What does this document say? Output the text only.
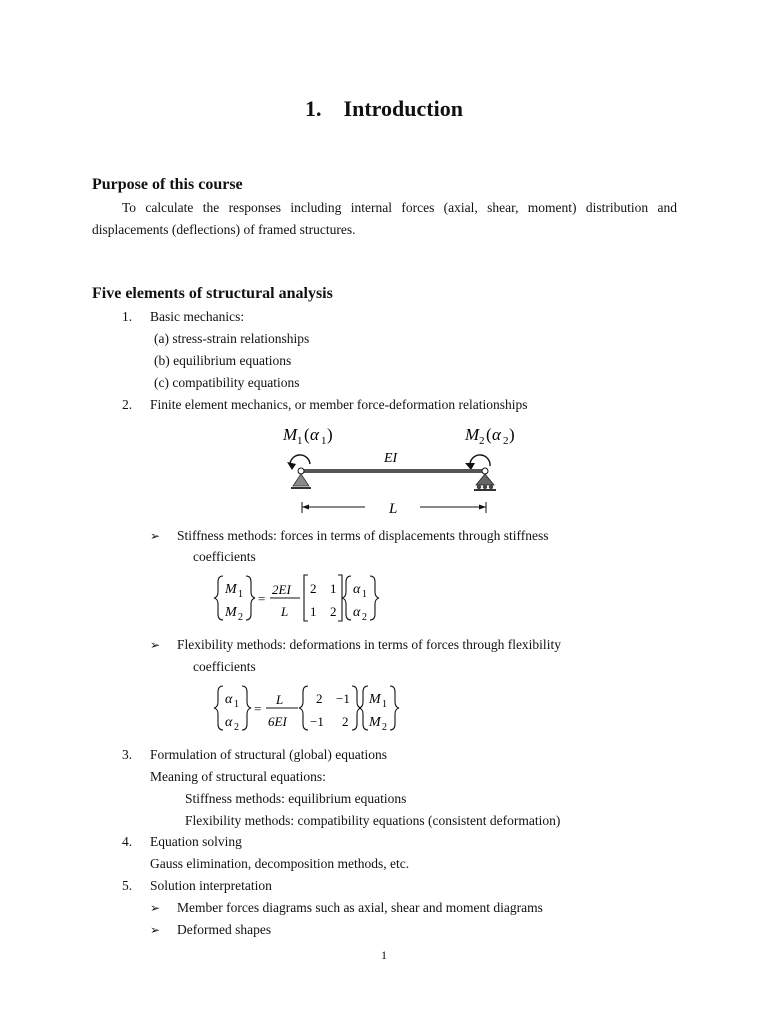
1. Introduction
Purpose of this course
To calculate the responses including internal forces (axial, shear, moment) distribution and displacements (deflections) of framed structures.
Five elements of structural analysis
1. Basic mechanics:
(a) stress-strain relationships
(b) equilibrium equations
(c) compatibility equations
2. Finite element mechanics, or member force-deformation relationships
M 1 ( α 1 )	M 2 ( α 2 )
EI
L
➢ Stiffness methods: forces in terms of displacements through stiffness
coefficients
M 1
M 2
=
2EI
L
2 1
1 2
α 1
α 2
➢ Flexibility methods: deformations in terms of forces through flexibility
coefficients
α 1
α 2
=
L
6EI
2 −1
−1 2
M 1
M 2
3. Formulation of structural (global) equations
Meaning of structural equations:
Stiffness methods: equilibrium equations
Flexibility methods: compatibility equations (consistent deformation)
4. Equation solving
Gauss elimination, decomposition methods, etc.
5. Solution interpretation
➢ Member forces diagrams such as axial, shear and moment diagrams
➢ Deformed shapes
1
